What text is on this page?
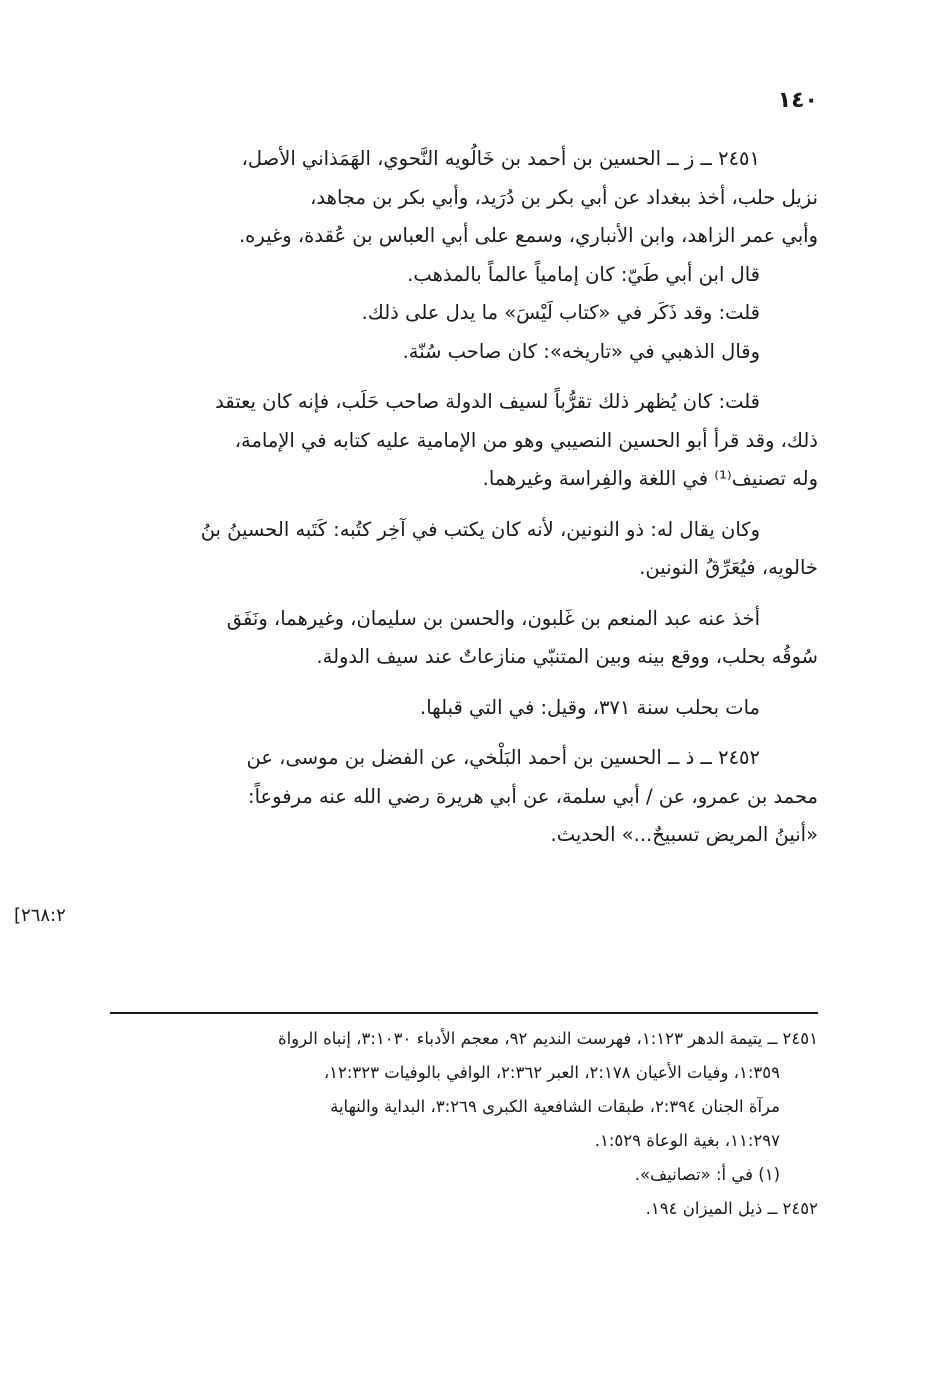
١٤٠

٢٤٥١ ــ ز ــ الحسين بن أحمد بن خَالُويه النَّحوي، الهَمَذاني الأصل،

نزيل حلب، أخذ ببغداد عن أبي بكر بن دُرَيد، وأبي بكر بن مجاهد،

وأبي عمر الزاهد، وابن الأنباري، وسمع على أبي العباس بن عُقدة، وغيره.

قال ابن أبي طَيّ: كان إمامياً عالماً بالمذهب.

قلت: وقد ذَكَر في «كتاب لَيْسَ» ما يدل على ذلك.

وقال الذهبي في «تاريخه»: كان صاحب سُنّة.

قلت: كان يُظهر ذلك تقرُّباً لسيف الدولة صاحب حَلَب، فإنه كان يعتقد

ذلك، وقد قرأ أبو الحسين النصيبي وهو من الإمامية عليه كتابه في الإمامة،

وله تصنيف⁽¹⁾ في اللغة والفِراسة وغيرهما.

وكان يقال له: ذو النونين، لأنه كان يكتب في آخِر كتُبه: كَتَبه الحسينُ بنُ

خالويه، فيُعَرِّقُ النونين.

أخذ عنه عبد المنعم بن غَلبون، والحسن بن سليمان، وغيرهما، ونَفَق

سُوقُه بحلب، ووقع بينه وبين المتنبّي منازعاتٌ عند سيف الدولة.

مات بحلب سنة ٣٧١، وقيل: في التي قبلها.

٢٤٥٢ ــ ذ ــ الحسين بن أحمد البَلْخي، عن الفضل بن موسى، عن

محمد بن عمرو، عن / أبي سلمة، عن أبي هريرة رضي الله عنه مرفوعاً:

«أنينُ المريض تسبيحٌ...» الحديث.

[٢٦٨:٢

٢٤٥١ ــ يتيمة الدهر ١:١٢٣، فهرست النديم ٩٢، معجم الأدباء ٣:١٠٣٠، إنباه الرواة

١:٣٥٩، وفيات الأعيان ٢:١٧٨، العبر ٢:٣٦٢، الوافي بالوفيات ١٢:٣٢٣،

مرآة الجنان ٢:٣٩٤، طبقات الشافعية الكبرى ٣:٢٦٩، البداية والنهاية

١١:٢٩٧، بغية الوعاة ١:٥٢٩.

(١) في أ: «تصانيف».

٢٤٥٢ ــ ذيل الميزان ١٩٤.
